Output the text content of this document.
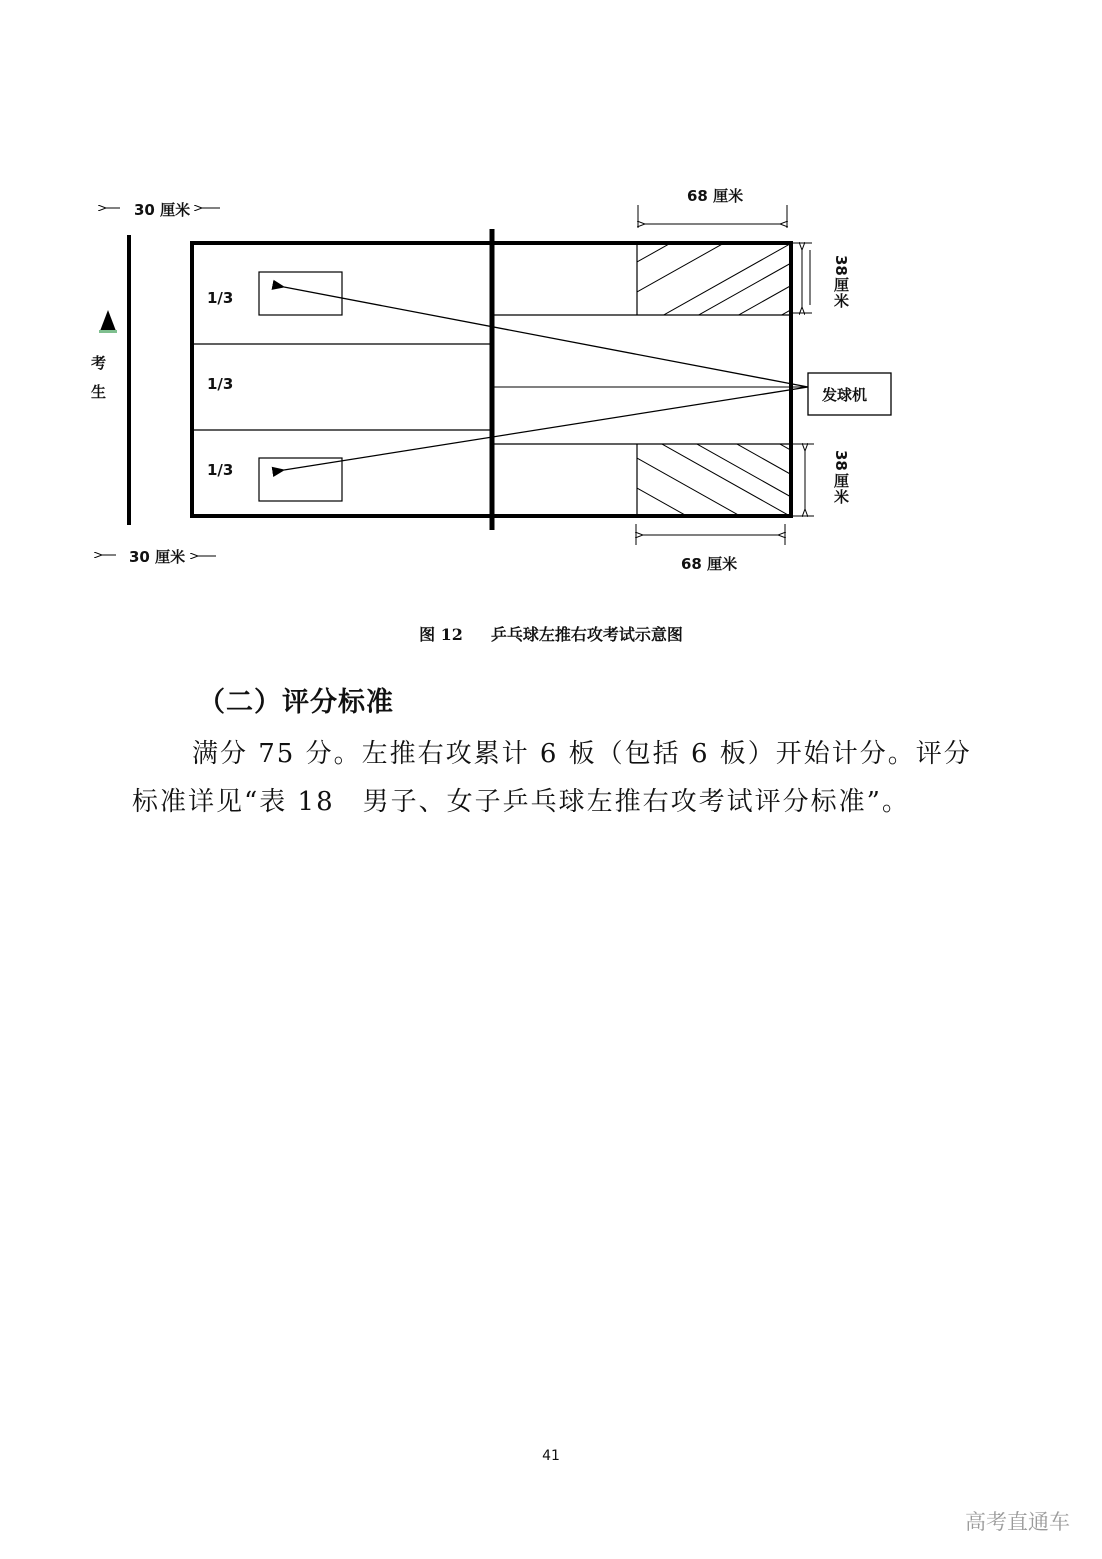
30 厘米
30 厘米
考
生
1/3
1/3
1/3
发球机
68 厘米
68 厘米
38
厘
米
38
厘
米
图 12 乒乓球左推右攻考试示意图
（二）评分标准
满分 75 分。左推右攻累计 6 板（包括 6 板）开始计分。评分标准详见“表 18　男子、女子乒乓球左推右攻考试评分标准”。
41
高考直通车
